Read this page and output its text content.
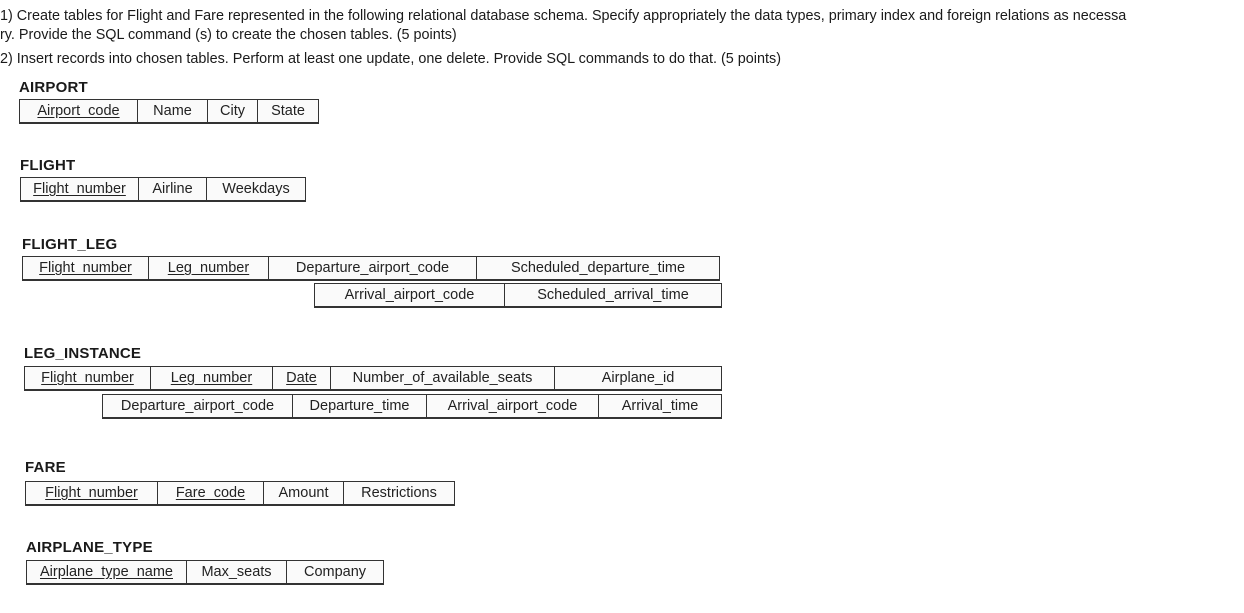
1) Create tables for Flight and Fare represented in the following relational database schema. Specify appropriately the data types, primary index and foreign relations as necessa
ry. Provide the SQL command (s) to create the chosen tables. (5 points)
2) Insert records into chosen tables. Perform at least one update, one delete. Provide SQL commands to do that. (5 points)
AIRPORT
Airport_code	Name	City	State
FLIGHT
Flight_number	Airline	Weekdays
FLIGHT_LEG
Flight_number	Leg_number	Departure_airport_code	Scheduled_departure_time
Arrival_airport_code	Scheduled_arrival_time
LEG_INSTANCE
Flight_number	Leg_number	Date	Number_of_available_seats	Airplane_id
Departure_airport_code	Departure_time	Arrival_airport_code	Arrival_time
FARE
Flight_number	Fare_code	Amount	Restrictions
AIRPLANE_TYPE
Airplane_type_name	Max_seats	Company
